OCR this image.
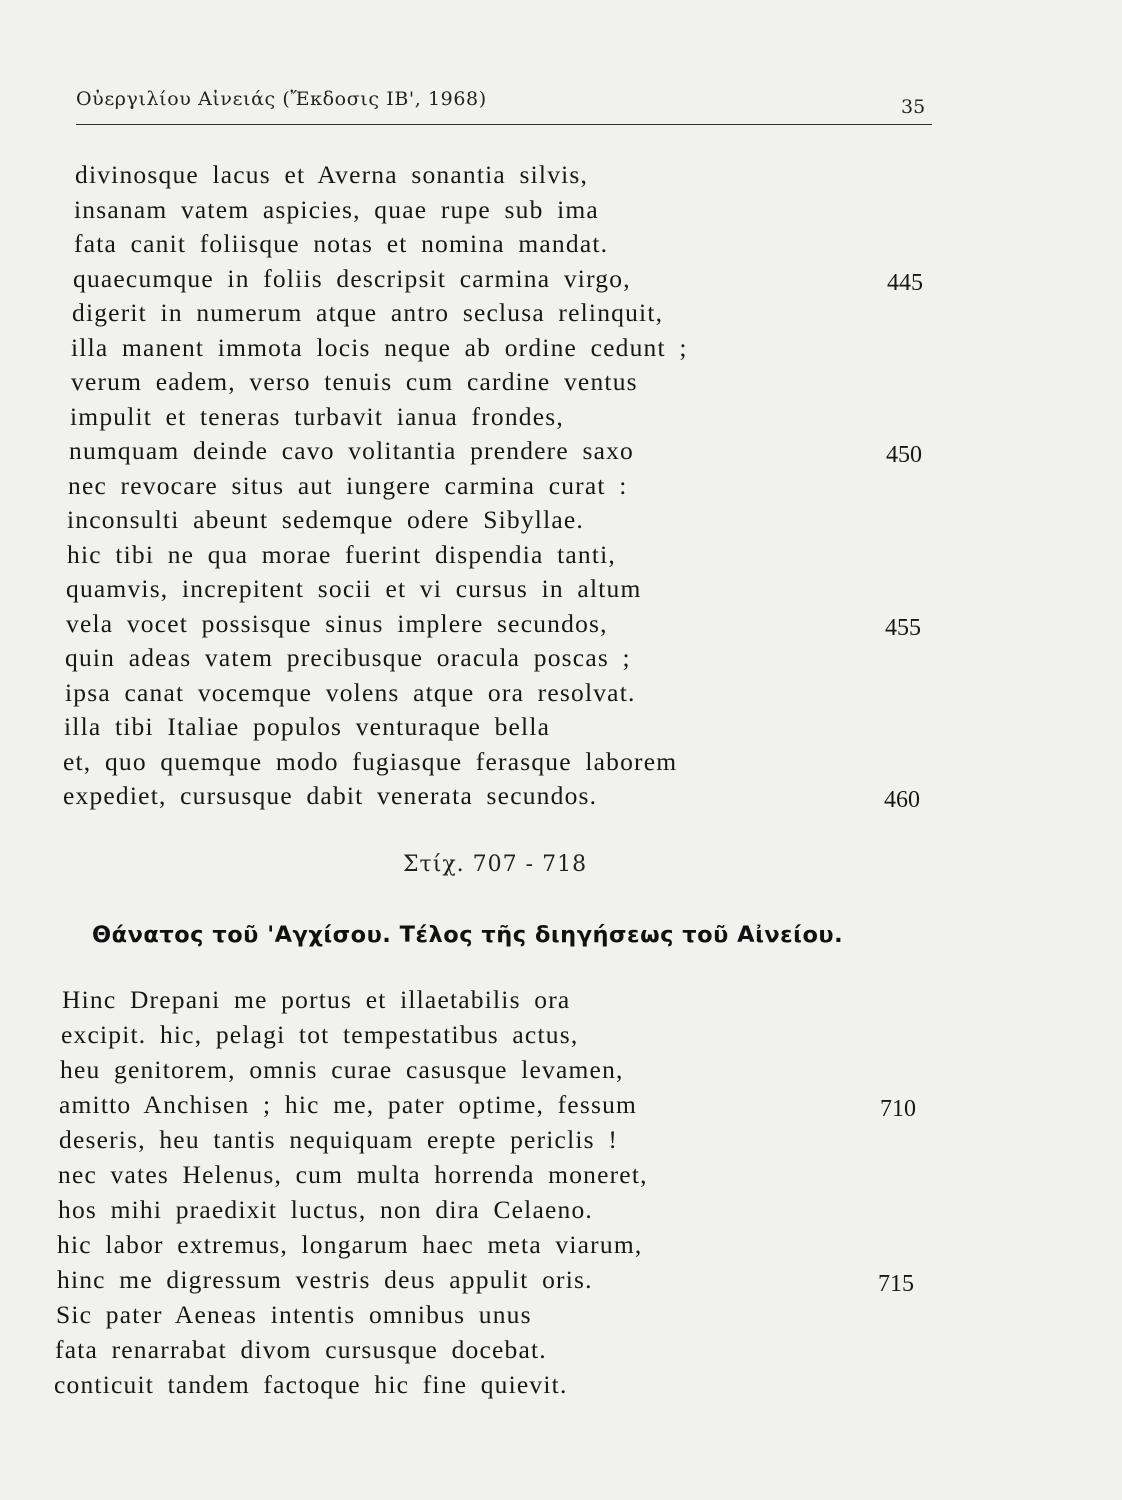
Οὐεργιλίου Αἰνειάς (Ἔκδοσις ΙΒ', 1968)	35
divinosque lacus et Averna sonantia silvis,
insanam vatem aspicies, quae rupe sub ima
fata canit foliisque notas et nomina mandat.
quaecumque in foliis descripsit carmina virgo,
digerit in numerum atque antro seclusa relinquit,
illa manent immota locis neque ab ordine cedunt ;
verum eadem, verso tenuis cum cardine ventus
impulit et teneras turbavit ianua frondes,
numquam deinde cavo volitantia prendere saxo
nec revocare situs aut iungere carmina curat :
inconsulti abeunt sedemque odere Sibyllae.
hic tibi ne qua morae fuerint dispendia tanti,
quamvis, increpitent socii et vi cursus in altum
vela vocet possisque sinus implere secundos,
quin adeas vatem precibusque oracula poscas ;
ipsa canat vocemque volens atque ora resolvat.
illa tibi Italiae populos venturaque bella
et, quo quemque modo fugiasque ferasque laborem
expediet, cursusque dabit venerata secundos.
445
450
455
460
Στίχ. 707 - 718
Θάνατος τοῦ 'Αγχίσου. Τέλος τῆς διηγήσεως τοῦ Αἰνείου.
Hinc Drepani me portus et illaetabilis ora
excipit. hic, pelagi tot tempestatibus actus,
heu genitorem, omnis curae casusque levamen,
amitto Anchisen ; hic me, pater optime, fessum
deseris, heu tantis nequiquam erepte periclis !
nec vates Helenus, cum multa horrenda moneret,
hos mihi praedixit luctus, non dira Celaeno.
hic labor extremus, longarum haec meta viarum,
hinc me digressum vestris deus appulit oris.
Sic pater Aeneas intentis omnibus unus
fata renarrabat divom cursusque docebat.
conticuit tandem factoque hic fine quievit.
710
715
